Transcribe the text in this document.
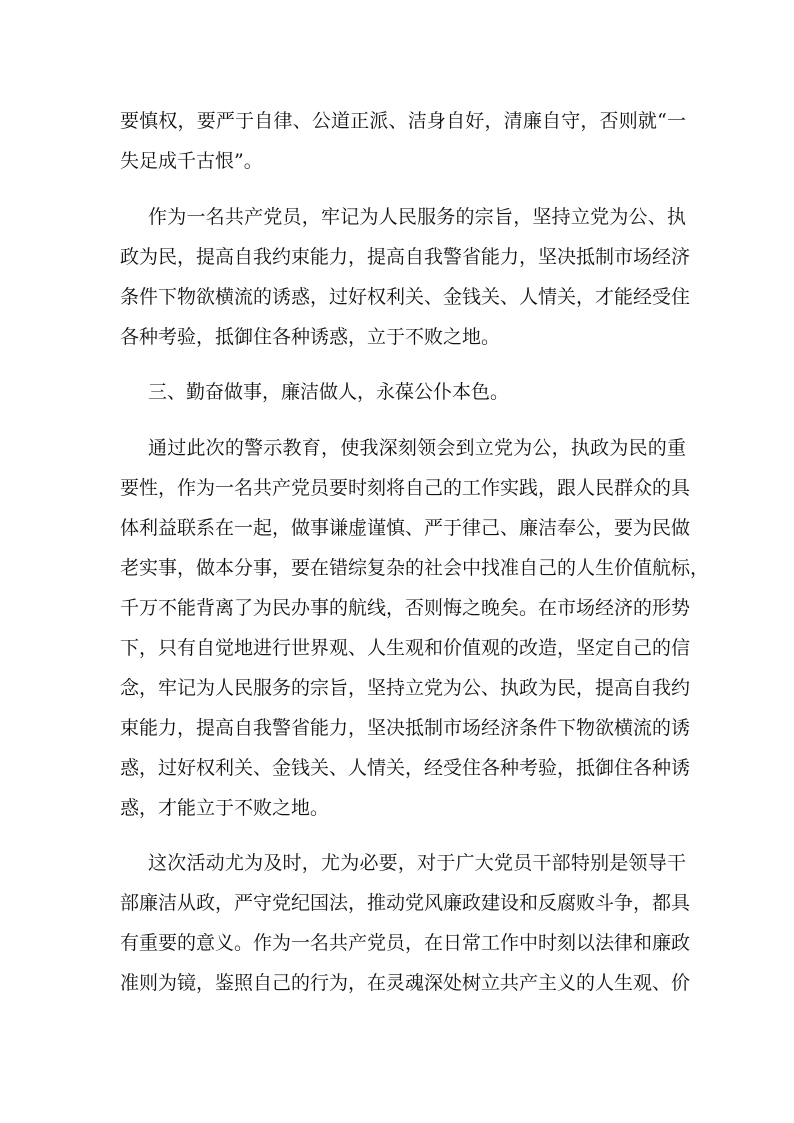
要慎权，要严于自律、公道正派、洁身自好，清廉自守，否则就“一
失足成千古恨”。
作为一名共产党员，牢记为人民服务的宗旨，坚持立党为公、执
政为民，提高自我约束能力，提高自我警省能力，坚决抵制市场经济
条件下物欲横流的诱惑，过好权利关、金钱关、人情关，才能经受住
各种考验，抵御住各种诱惑，立于不败之地。
三、勤奋做事，廉洁做人，永葆公仆本色。
通过此次的警示教育，使我深刻领会到立党为公，执政为民的重
要性，作为一名共产党员要时刻将自己的工作实践，跟人民群众的具
体利益联系在一起，做事谦虚谨慎、严于律己、廉洁奉公，要为民做
老实事，做本分事，要在错综复杂的社会中找准自己的人生价值航标，
千万不能背离了为民办事的航线，否则悔之晚矣。在市场经济的形势
下，只有自觉地进行世界观、人生观和价值观的改造，坚定自己的信
念，牢记为人民服务的宗旨，坚持立党为公、执政为民，提高自我约
束能力，提高自我警省能力，坚决抵制市场经济条件下物欲横流的诱
惑，过好权利关、金钱关、人情关，经受住各种考验，抵御住各种诱
惑，才能立于不败之地。
这次活动尤为及时，尤为必要，对于广大党员干部特别是领导干
部廉洁从政，严守党纪国法，推动党风廉政建设和反腐败斗争，都具
有重要的意义。作为一名共产党员，在日常工作中时刻以法律和廉政
准则为镜，鉴照自己的行为，在灵魂深处树立共产主义的人生观、价
